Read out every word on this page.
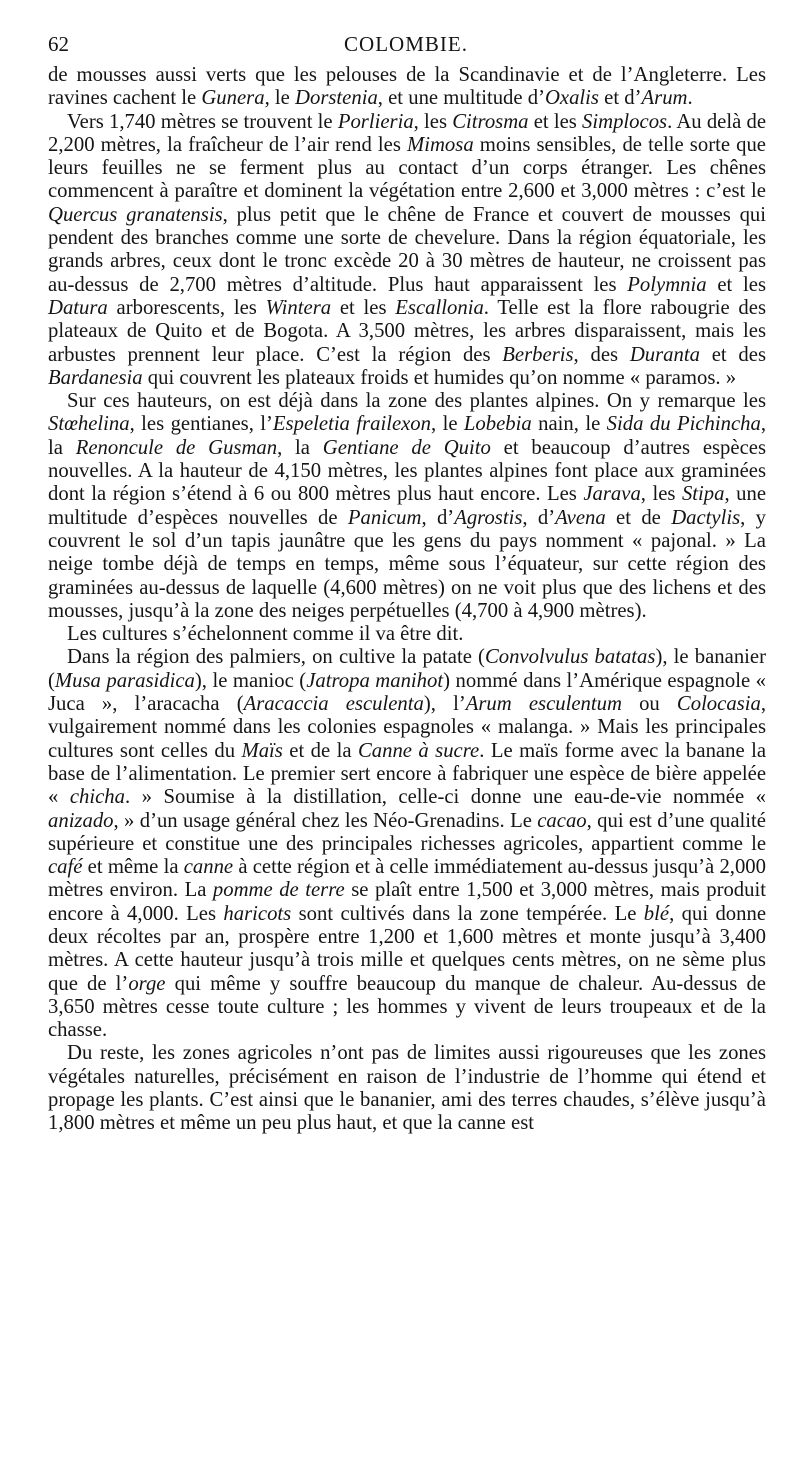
62	COLOMBIE.

de mousses aussi verts que les pelouses de la Scandinavie et de l’Angleterre. Les ravines cachent le Gunera, le Dorstenia, et une multitude d’Oxalis et d’Arum.

Vers 1,740 mètres se trouvent le Porlieria, les Citrosma et les Simplocos. Au delà de 2,200 mètres, la fraîcheur de l’air rend les Mimosa moins sensibles, de telle sorte que leurs feuilles ne se ferment plus au contact d’un corps étranger. Les chênes commencent à paraître et dominent la végétation entre 2,600 et 3,000 mètres : c’est le Quercus granatensis, plus petit que le chêne de France et couvert de mousses qui pendent des branches comme une sorte de chevelure. Dans la région équatoriale, les grands arbres, ceux dont le tronc excède 20 à 30 mètres de hauteur, ne croissent pas au-dessus de 2,700 mètres d’altitude. Plus haut apparaissent les Polymnia et les Datura arborescents, les Wintera et les Escallonia. Telle est la flore rabougrie des plateaux de Quito et de Bogota. A 3,500 mètres, les arbres disparaissent, mais les arbustes prennent leur place. C’est la région des Berberis, des Duranta et des Bardanesia qui couvrent les plateaux froids et humides qu’on nomme « paramos. »

Sur ces hauteurs, on est déjà dans la zone des plantes alpines. On y remarque les Stœhelina, les gentianes, l’Espeletia frailexon, le Lobebia nain, le Sida du Pichincha, la Renoncule de Gusman, la Gentiane de Quito et beaucoup d’autres espèces nouvelles. A la hauteur de 4,150 mètres, les plantes alpines font place aux graminées dont la région s’étend à 6 ou 800 mètres plus haut encore. Les Jarava, les Stipa, une multitude d’espèces nouvelles de Panicum, d’Agrostis, d’Avena et de Dactylis, y couvrent le sol d’un tapis jaunâtre que les gens du pays nomment « pajonal. » La neige tombe déjà de temps en temps, même sous l’équateur, sur cette région des graminées au-dessus de laquelle (4,600 mètres) on ne voit plus que des lichens et des mousses, jusqu’à la zone des neiges perpétuelles (4,700 à 4,900 mètres).

Les cultures s’échelonnent comme il va être dit.

Dans la région des palmiers, on cultive la patate (Convolvulus batatas), le bananier (Musa parasidica), le manioc (Jatropa manihot) nommé dans l’Amérique espagnole « Juca », l’aracacha (Aracaccia esculenta), l’Arum esculentum ou Colocasia, vulgairement nommé dans les colonies espagnoles « malanga. » Mais les principales cultures sont celles du Maïs et de la Canne à sucre. Le maïs forme avec la banane la base de l’alimentation. Le premier sert encore à fabriquer une espèce de bière appelée « chicha. » Soumise à la distillation, celle-ci donne une eau-de-vie nommée « anizado, » d’un usage général chez les Néo-Grenadins. Le cacao, qui est d’une qualité supérieure et constitue une des principales richesses agricoles, appartient comme le café et même la canne à cette région et à celle immédiatement au-dessus jusqu’à 2,000 mètres environ. La pomme de terre se plaît entre 1,500 et 3,000 mètres, mais produit encore à 4,000. Les haricots sont cultivés dans la zone tempérée. Le blé, qui donne deux récoltes par an, prospère entre 1,200 et 1,600 mètres et monte jusqu’à 3,400 mètres. A cette hauteur jusqu’à trois mille et quelques cents mètres, on ne sème plus que de l’orge qui même y souffre beaucoup du manque de chaleur. Au-dessus de 3,650 mètres cesse toute culture ; les hommes y vivent de leurs troupeaux et de la chasse.

Du reste, les zones agricoles n’ont pas de limites aussi rigoureuses que les zones végétales naturelles, précisément en raison de l’industrie de l’homme qui étend et propage les plants. C’est ainsi que le bananier, ami des terres chaudes, s’élève jusqu’à 1,800 mètres et même un peu plus haut, et que la canne est
